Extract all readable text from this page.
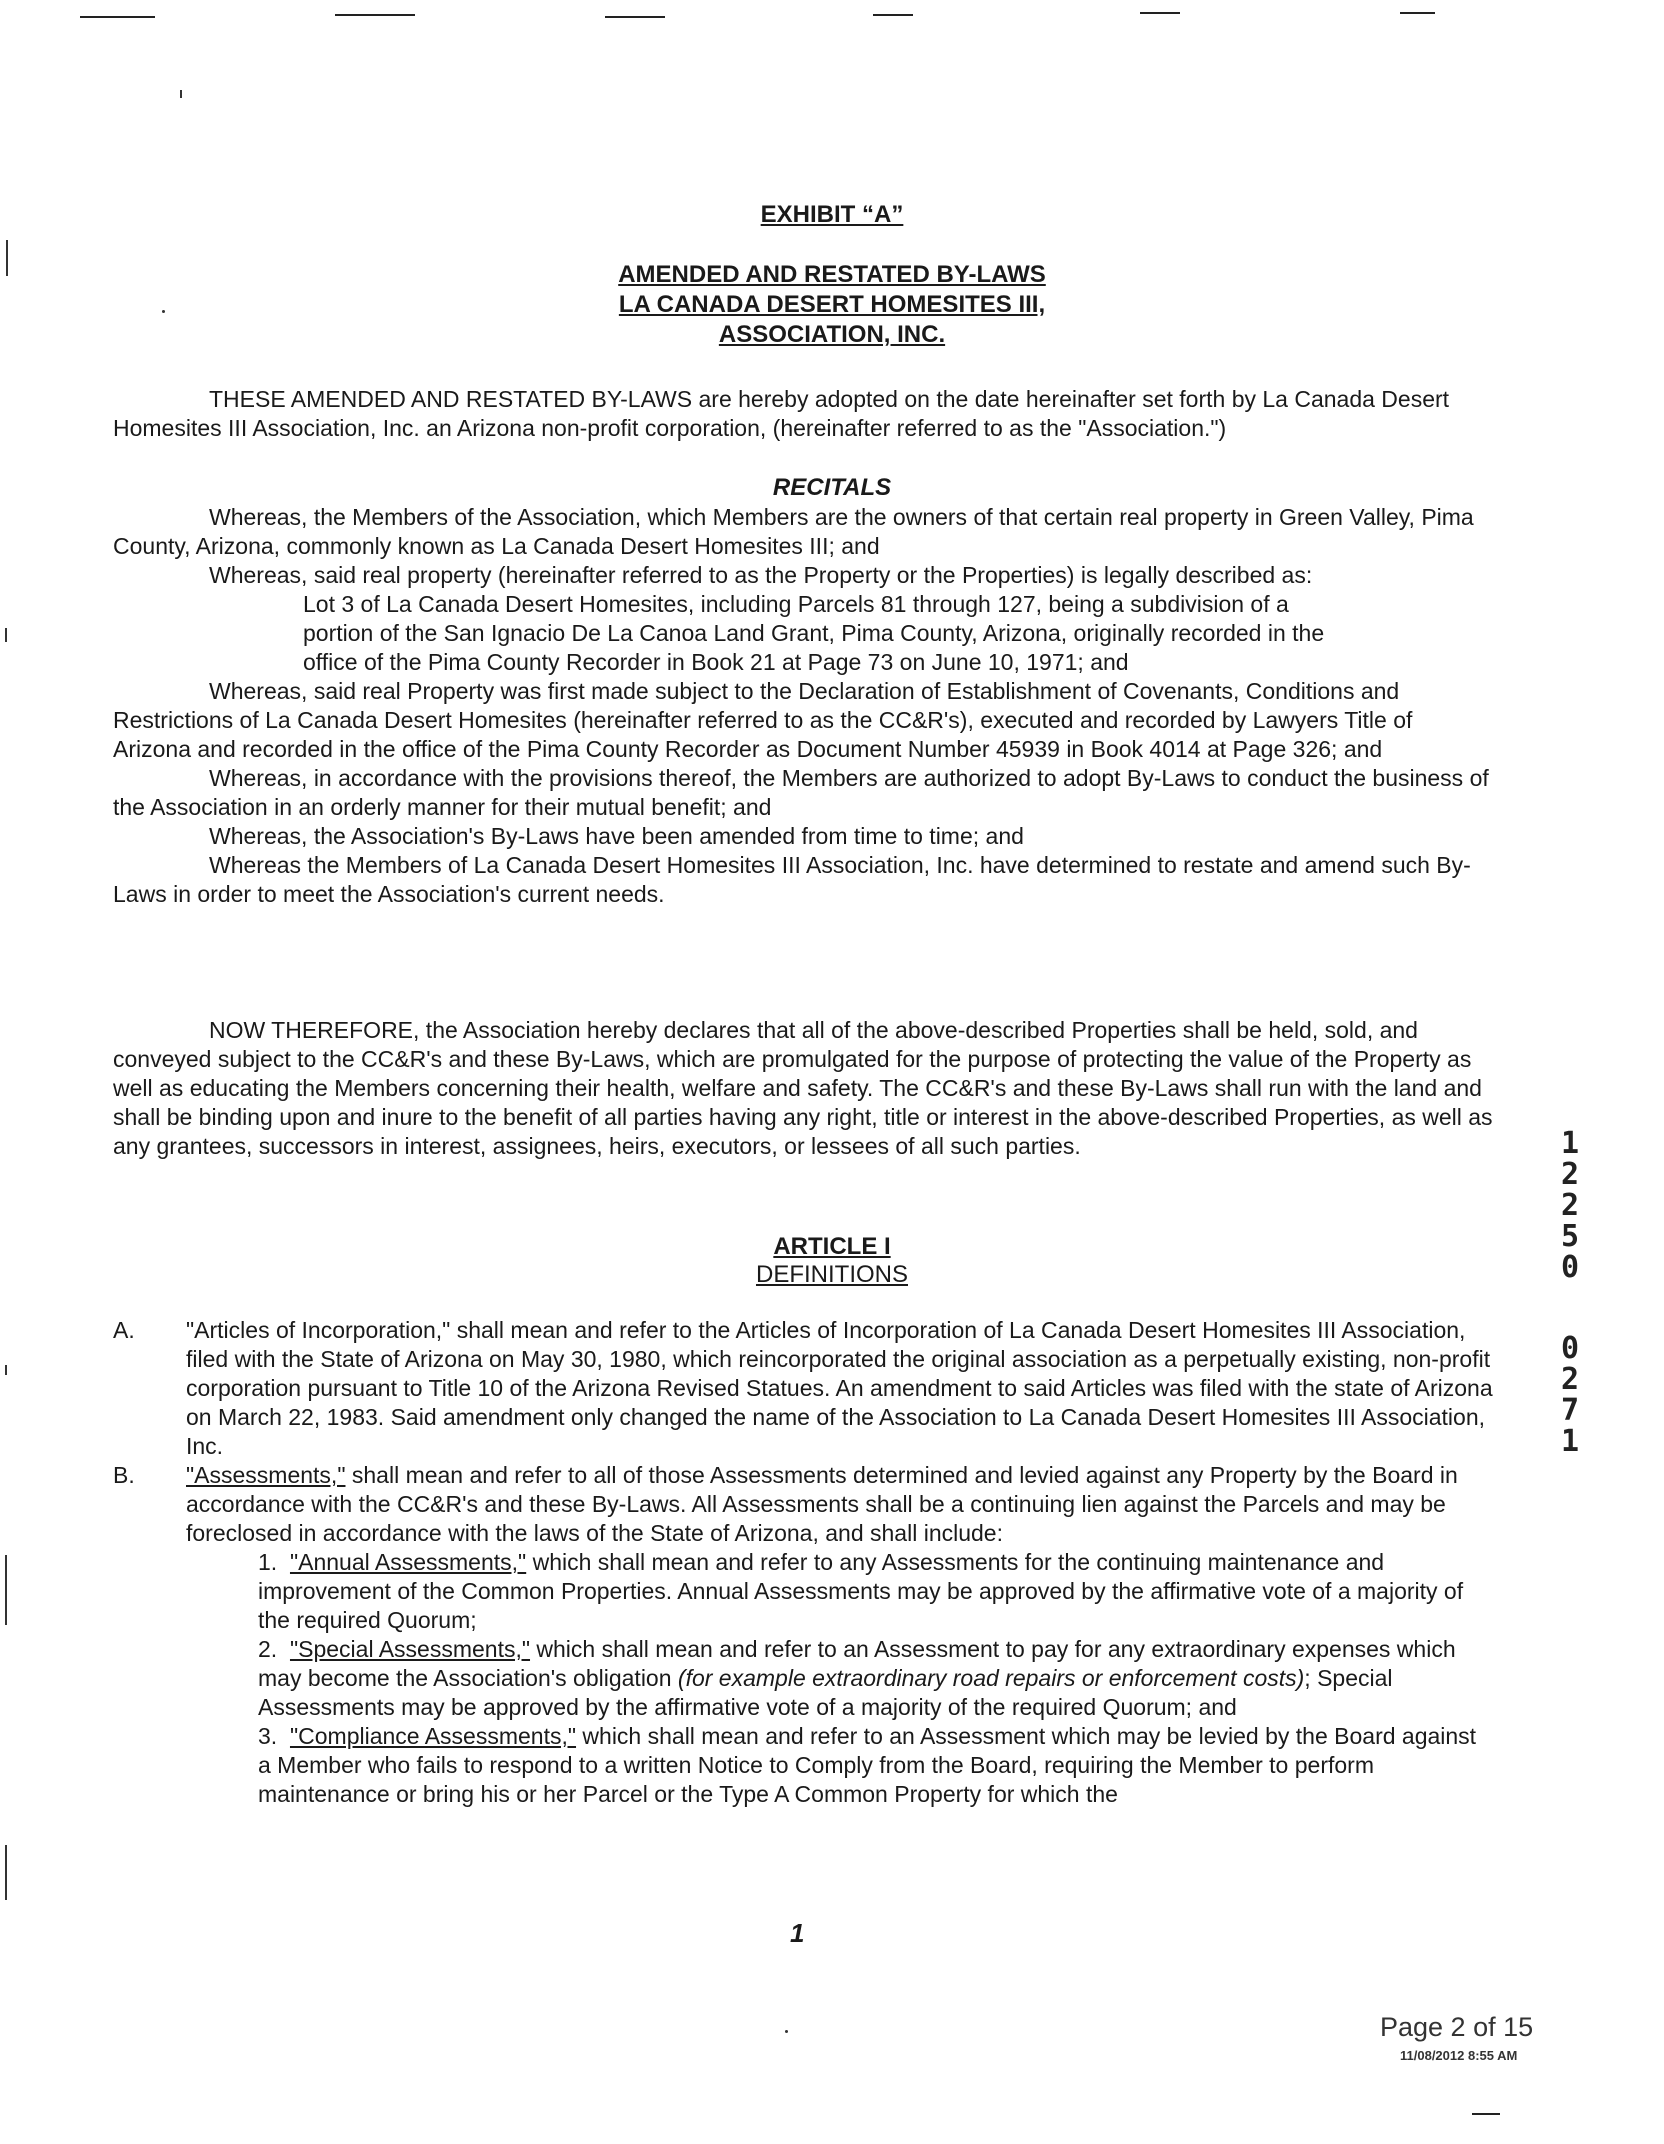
EXHIBIT “A”
AMENDED AND RESTATED BY-LAWS
LA CANADA DESERT HOMESITES III,
ASSOCIATION, INC.

THESE AMENDED AND RESTATED BY-LAWS are hereby adopted on the date hereinafter set forth by La Canada Desert Homesites III Association, Inc. an Arizona non-profit corporation, (hereinafter referred to as the "Association.")

RECITALS

Whereas, the Members of the Association, which Members are the owners of that certain real property in Green Valley, Pima County, Arizona, commonly known as La Canada Desert Homesites III; and

Whereas, said real property (hereinafter referred to as the Property or the Properties) is legally described as:

Lot 3 of La Canada Desert Homesites, including Parcels 81 through 127, being a subdivision of a portion of the San Ignacio De La Canoa Land Grant, Pima County, Arizona, originally recorded in the office of the Pima County Recorder in Book 21 at Page 73 on June 10, 1971; and

Whereas, said real Property was first made subject to the Declaration of Establishment of Covenants, Conditions and Restrictions of La Canada Desert Homesites (hereinafter referred to as the CC&R's), executed and recorded by Lawyers Title of Arizona and recorded in the office of the Pima County Recorder as Document Number 45939 in Book 4014 at Page 326; and

Whereas, in accordance with the provisions thereof, the Members are authorized to adopt By-Laws to conduct the business of the Association in an orderly manner for their mutual benefit; and

Whereas, the Association's By-Laws have been amended from time to time; and

Whereas the Members of La Canada Desert Homesites III Association, Inc. have determined to restate and amend such By-Laws in order to meet the Association's current needs.

NOW THEREFORE, the Association hereby declares that all of the above-described Properties shall be held, sold, and conveyed subject to the CC&R's and these By-Laws, which are promulgated for the purpose of protecting the value of the Property as well as educating the Members concerning their health, welfare and safety. The CC&R's and these By-Laws shall run with the land and shall be binding upon and inure to the benefit of all parties having any right, title or interest in the above-described Properties, as well as any grantees, successors in interest, assignees, heirs, executors, or lessees of all such parties.

ARTICLE I
DEFINITIONS
A.	"Articles of Incorporation," shall mean and refer to the Articles of Incorporation of La Canada Desert Homesites III Association, filed with the State of Arizona on May 30, 1980, which reincorporated the original association as a perpetually existing, non-profit corporation pursuant to Title 10 of the Arizona Revised Statues. An amendment to said Articles was filed with the state of Arizona on March 22, 1983. Said amendment only changed the name of the Association to La Canada Desert Homesites III Association, Inc.
B.	"Assessments," shall mean and refer to all of those Assessments determined and levied against any Property by the Board in accordance with the CC&R's and these By-Laws. All Assessments shall be a continuing lien against the Parcels and may be foreclosed in accordance with the laws of the State of Arizona, and shall include:
1. "Annual Assessments," which shall mean and refer to any Assessments for the continuing maintenance and improvement of the Common Properties. Annual Assessments may be approved by the affirmative vote of a majority of the required Quorum;
2. "Special Assessments," which shall mean and refer to an Assessment to pay for any extraordinary expenses which may become the Association's obligation (for example extraordinary road repairs or enforcement costs); Special Assessments may be approved by the affirmative vote of a majority of the required Quorum; and
3. "Compliance Assessments," which shall mean and refer to an Assessment which may be levied by the Board against a Member who fails to respond to a written Notice to Comply from the Board, requiring the Member to perform maintenance or bring his or her Parcel or the Type A Common Property for which the
1
2
2
5
0
0
2
7
1
1
Page 2 of 15
11/08/2012 8:55 AM
